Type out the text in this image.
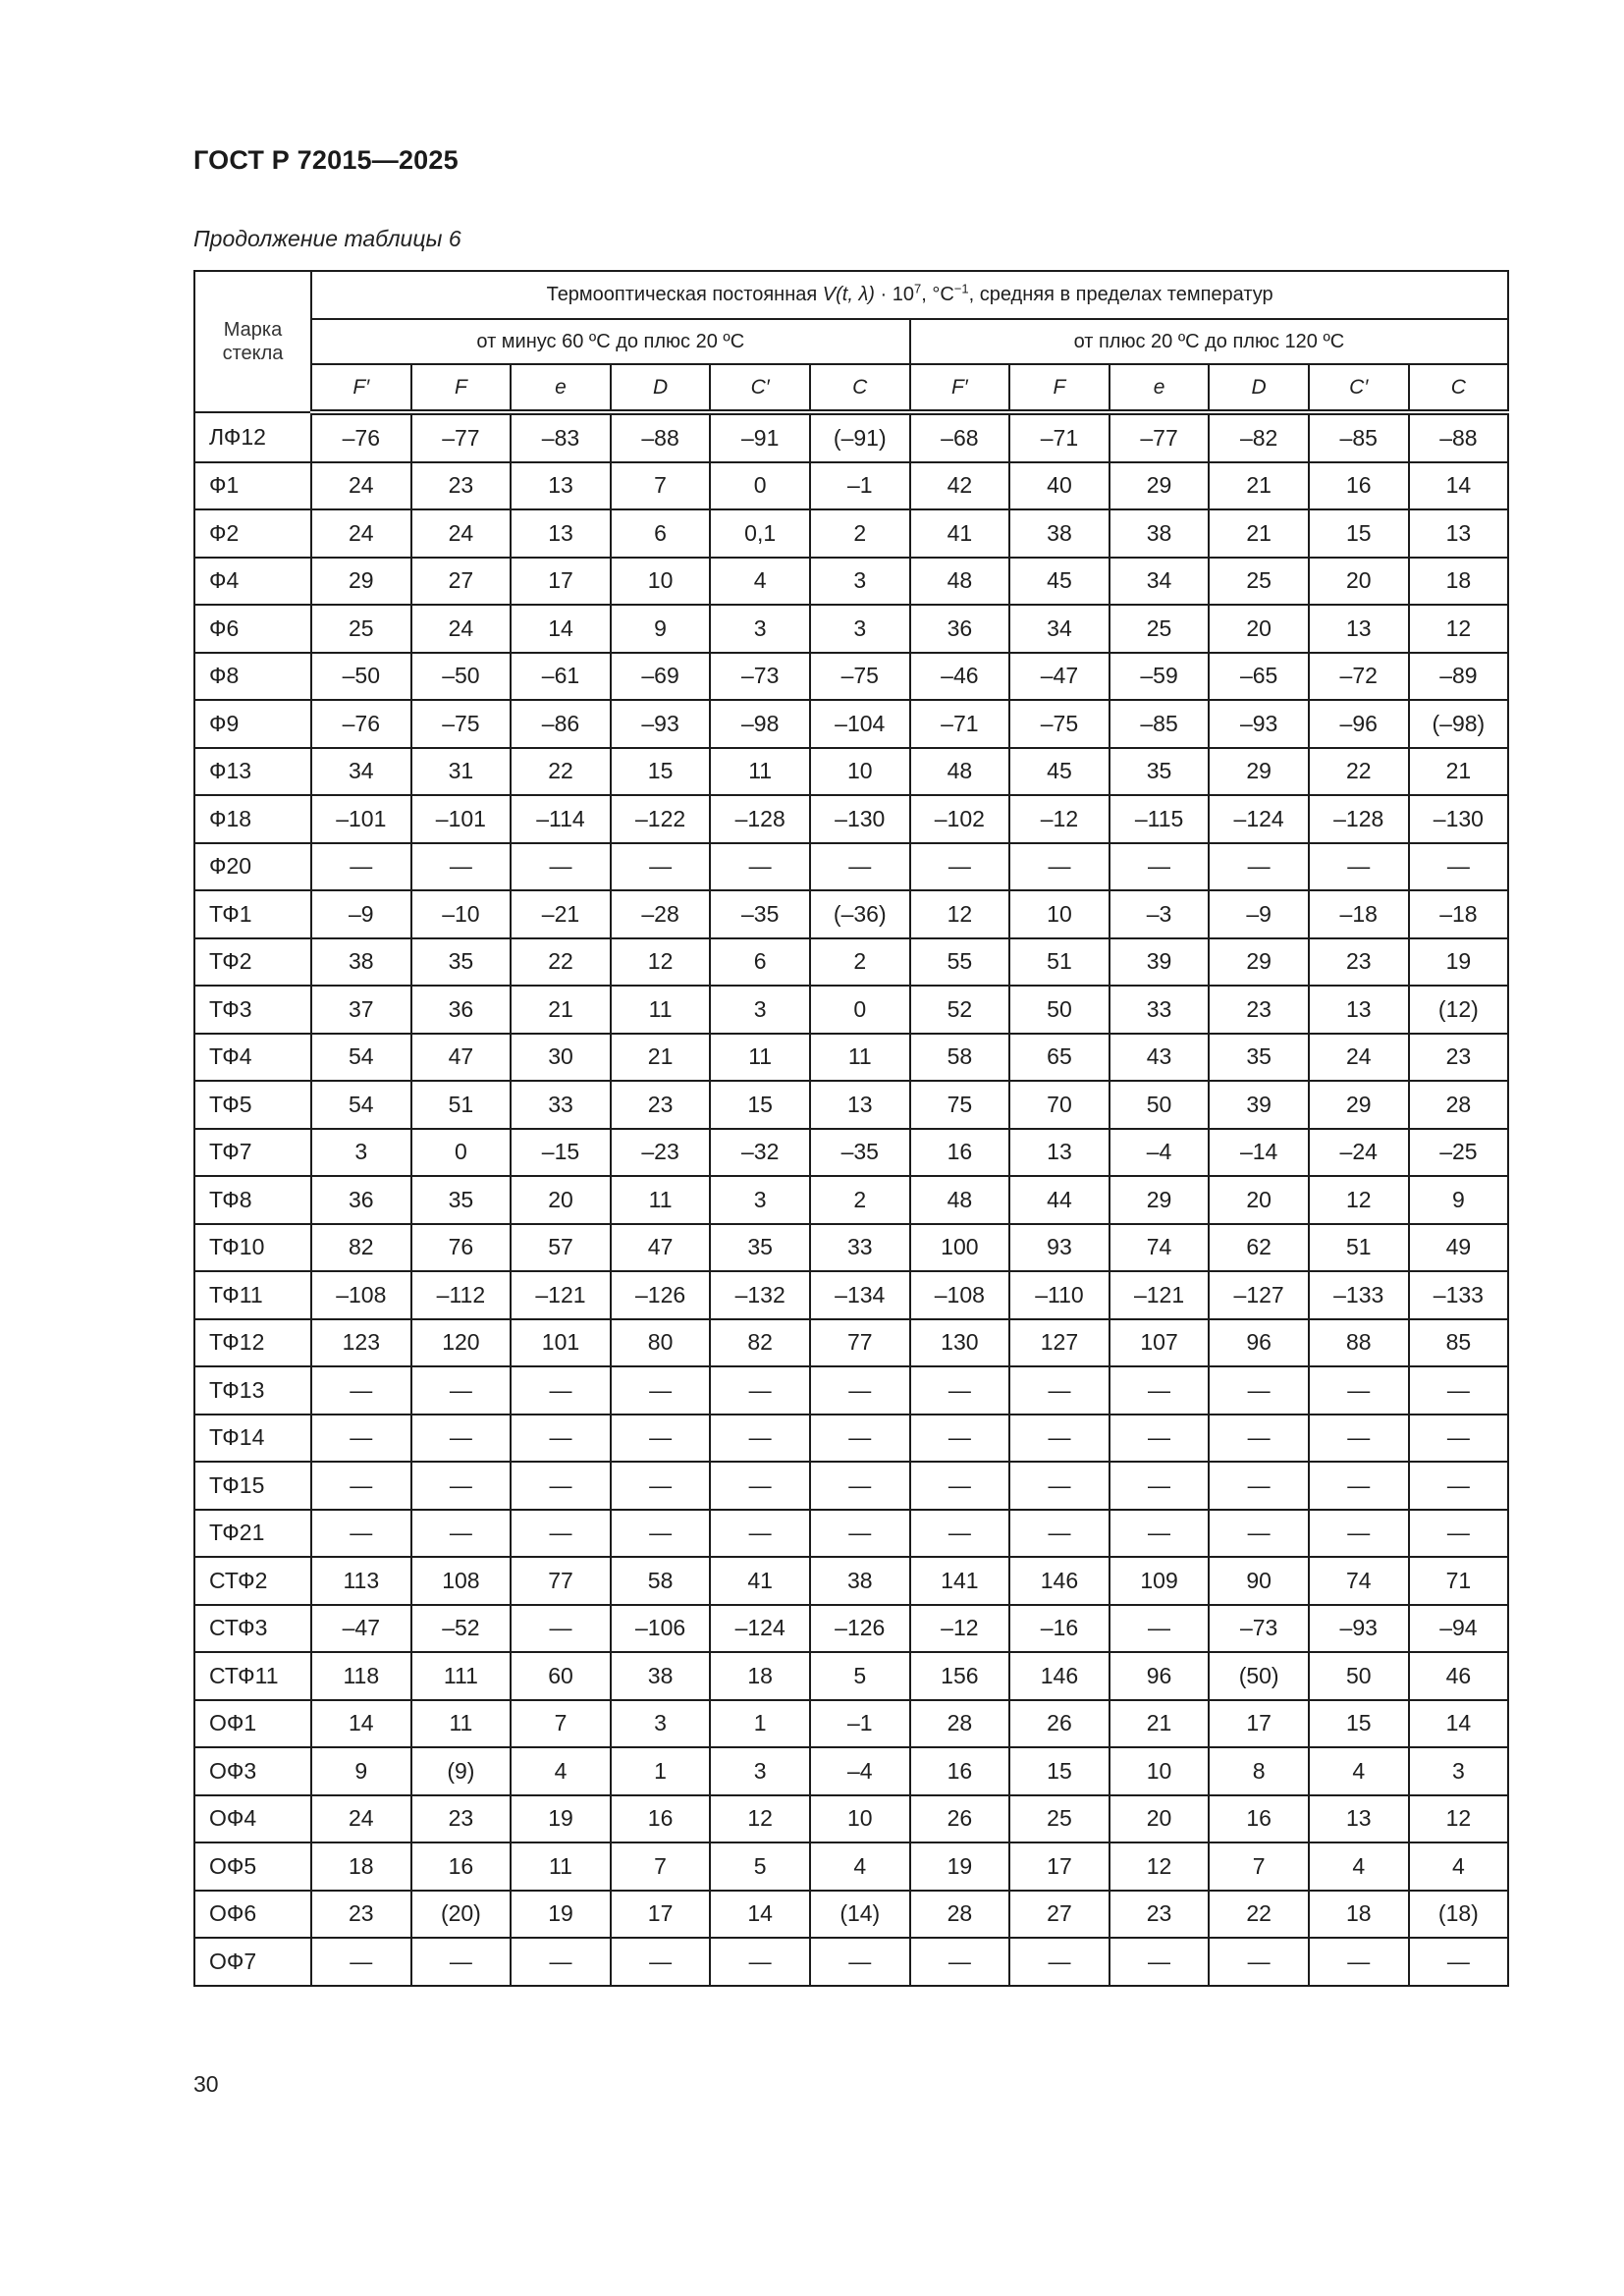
ГОСТ Р 72015—2025
Продолжение таблицы 6
Марка
стекла	Термооптическая постоянная V(t, $\lambda) \cdot 10^7$, $^\circ C^{-1}$, средняя в пределах температур											
	от минус 60 ºС до плюс 20 ºС						от плюс 20 ºС до плюс 120 ºС					
	F′	F	e	D	C′	C	F′	F	e	D	C′	C
ЛФ12	–76	–77	–83	–88	–91	(–91)	–68	–71	–77	–82	–85	–88
Ф1	24	23	13	7	0	–1	42	40	29	21	16	14
Ф2	24	24	13	6	0,1	2	41	38	38	21	15	13
Ф4	29	27	17	10	4	3	48	45	34	25	20	18
Ф6	25	24	14	9	3	3	36	34	25	20	13	12
Ф8	–50	–50	–61	–69	–73	–75	–46	–47	–59	–65	–72	–89
Ф9	–76	–75	–86	–93	–98	–104	–71	–75	–85	–93	–96	(–98)
Ф13	34	31	22	15	11	10	48	45	35	29	22	21
Ф18	–101	–101	–114	–122	–128	–130	–102	–12	–115	–124	–128	–130
Ф20	—	—	—	—	—	—	—	—	—	—	—	—
ТФ1	–9	–10	–21	–28	–35	(–36)	12	10	–3	–9	–18	–18
ТФ2	38	35	22	12	6	2	55	51	39	29	23	19
ТФ3	37	36	21	11	3	0	52	50	33	23	13	(12)
ТФ4	54	47	30	21	11	11	58	65	43	35	24	23
ТФ5	54	51	33	23	15	13	75	70	50	39	29	28
ТФ7	3	0	–15	–23	–32	–35	16	13	–4	–14	–24	–25
ТФ8	36	35	20	11	3	2	48	44	29	20	12	9
ТФ10	82	76	57	47	35	33	100	93	74	62	51	49
ТФ11	–108	–112	–121	–126	–132	–134	–108	–110	–121	–127	–133	–133
ТФ12	123	120	101	80	82	77	130	127	107	96	88	85
ТФ13	—	—	—	—	—	—	—	—	—	—	—	—
ТФ14	—	—	—	—	—	—	—	—	—	—	—	—
ТФ15	—	—	—	—	—	—	—	—	—	—	—	—
ТФ21	—	—	—	—	—	—	—	—	—	—	—	—
СТФ2	113	108	77	58	41	38	141	146	109	90	74	71
СТФ3	–47	–52	—	–106	–124	–126	–12	–16	—	–73	–93	–94
СТФ11	118	111	60	38	18	5	156	146	96	(50)	50	46
ОФ1	14	11	7	3	1	–1	28	26	21	17	15	14
ОФ3	9	(9)	4	1	3	–4	16	15	10	8	4	3
ОФ4	24	23	19	16	12	10	26	25	20	16	13	12
ОФ5	18	16	11	7	5	4	19	17	12	7	4	4
ОФ6	23	(20)	19	17	14	(14)	28	27	23	22	18	(18)
ОФ7	—	—	—	—	—	—	—	—	—	—	—	—
30
